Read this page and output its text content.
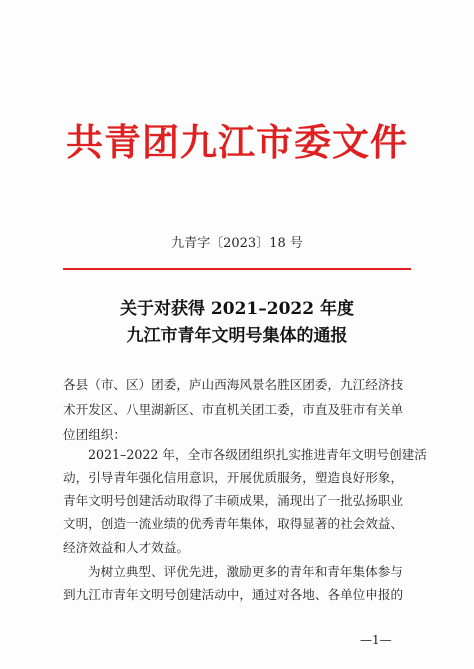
共青团九江市委文件
九青字〔2023〕18 号
关于对获得 2021–2022 年度
九江市青年文明号集体的通报
各县（市、区）团委，庐山西海风景名胜区团委，九江经济技
术开发区、八里湖新区、市直机关团工委，市直及驻市有关单
位团组织：
2021–2022 年，全市各级团组织扎实推进青年文明号创建活
动，引导青年强化信用意识，开展优质服务，塑造良好形象，
青年文明号创建活动取得了丰硕成果，涌现出了一批弘扬职业
文明，创造一流业绩的优秀青年集体，取得显著的社会效益、
经济效益和人才效益。
为树立典型、评优先进，激励更多的青年和青年集体参与
到九江市青年文明号创建活动中，通过对各地、各单位申报的
—1—
